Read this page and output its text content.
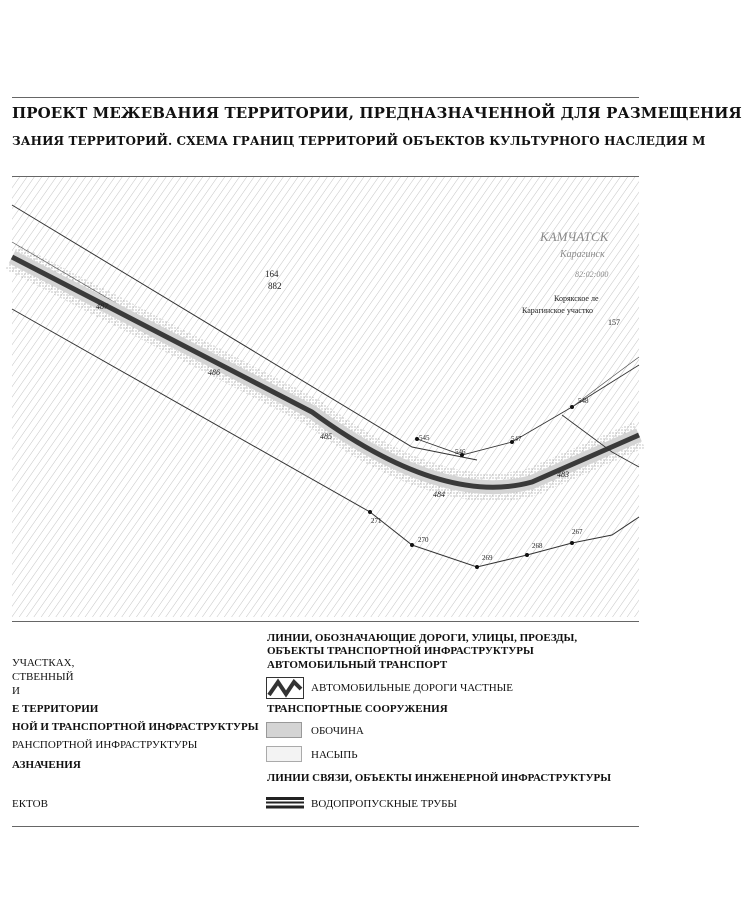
ПРОЕКТ МЕЖЕВАНИЯ ТЕРРИТОРИИ, ПРЕДНАЗНАЧЕННОЙ ДЛЯ РАЗМЕЩЕНИЯ
ЗАНИЯ ТЕРРИТОРИЙ. СХЕМА ГРАНИЦ ТЕРРИТОРИЙ ОБЪЕКТОВ КУЛЬТУРНОГО НАСЛЕДИЯ М
164
882
КАМЧАТСК
Карагинск
82:02:000
Корякское ле
Карагинское участко
157
487
486
485
484
483
545
546
547
548
271
270
269
268
267
УЧАСТКАХ,
СТВЕННЫЙ
И
Е ТЕРРИТОРИИ
НОЙ И ТРАНСПОРТНОЙ ИНФРАСТРУКТУРЫ
РАНСПОРТНОЙ ИНФРАСТРУКТУРЫ
АЗНАЧЕНИЯ
ЕКТОВ
ЛИНИИ, ОБОЗНАЧАЮЩИЕ ДОРОГИ, УЛИЦЫ, ПРОЕЗДЫ,
ОБЪЕКТЫ ТРАНСПОРТНОЙ ИНФРАСТРУКТУРЫ
АВТОМОБИЛЬНЫЙ ТРАНСПОРТ
АВТОМОБИЛЬНЫЕ ДОРОГИ ЧАСТНЫЕ
ТРАНСПОРТНЫЕ СООРУЖЕНИЯ
ОБОЧИНА
НАСЫПЬ
ЛИНИИ СВЯЗИ, ОБЪЕКТЫ ИНЖЕНЕРНОЙ ИНФРАСТРУКТУРЫ
ВОДОПРОПУСКНЫЕ ТРУБЫ
